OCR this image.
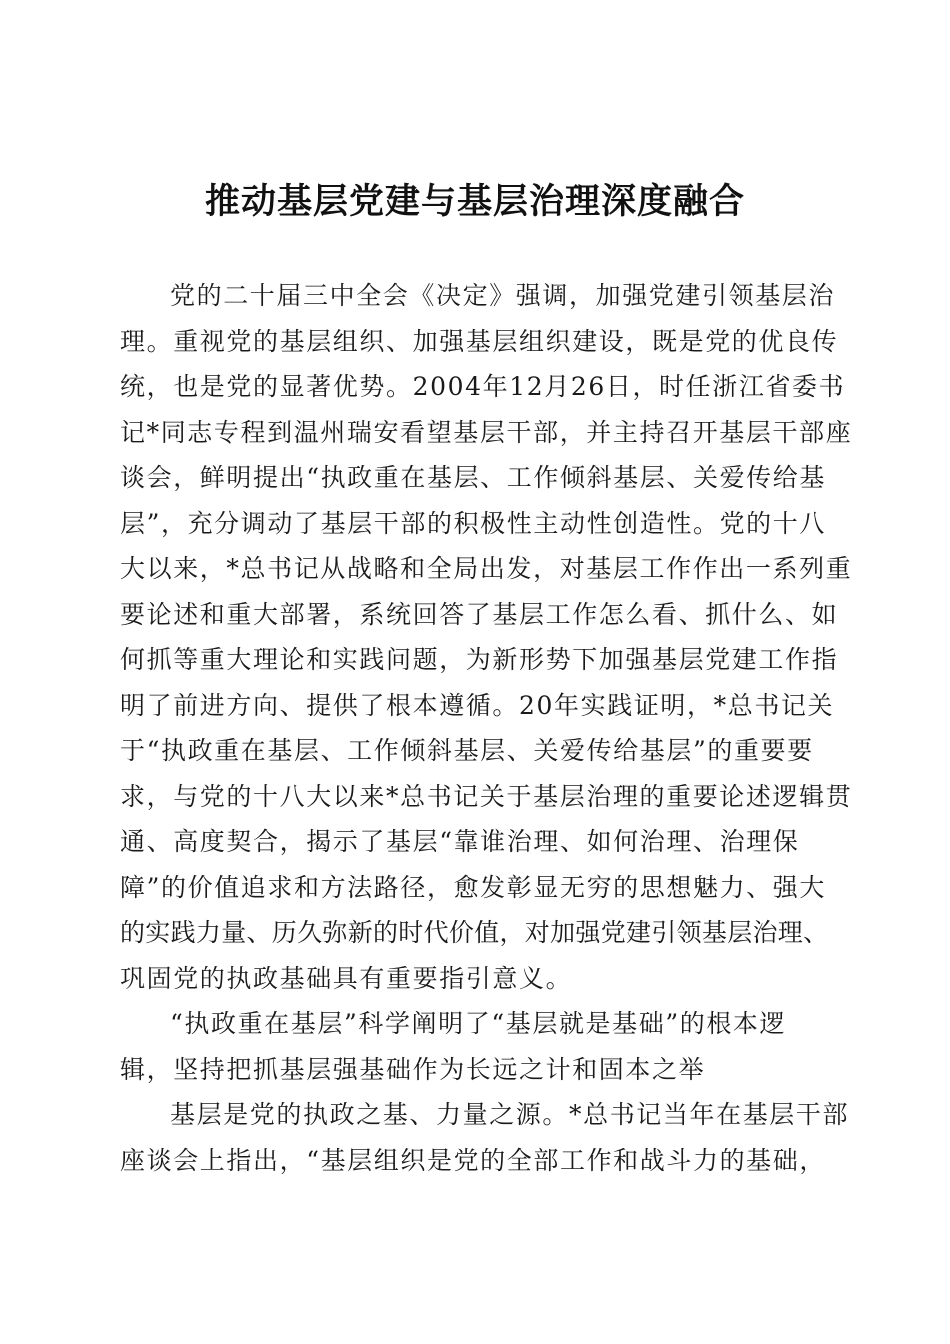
推动基层党建与基层治理深度融合

党的二十届三中全会《决定》强调，加强党建引领基层治
理。重视党的基层组织、加强基层组织建设，既是党的优良传
统，也是党的显著优势。2004年12月26日，时任浙江省委书
记*同志专程到温州瑞安看望基层干部，并主持召开基层干部座
谈会，鲜明提出“执政重在基层、工作倾斜基层、关爱传给基
层”，充分调动了基层干部的积极性主动性创造性。党的十八
大以来，*总书记从战略和全局出发，对基层工作作出一系列重
要论述和重大部署，系统回答了基层工作怎么看、抓什么、如
何抓等重大理论和实践问题，为新形势下加强基层党建工作指
明了前进方向、提供了根本遵循。20年实践证明，*总书记关
于“执政重在基层、工作倾斜基层、关爱传给基层”的重要要
求，与党的十八大以来*总书记关于基层治理的重要论述逻辑贯
通、高度契合，揭示了基层“靠谁治理、如何治理、治理保
障”的价值追求和方法路径，愈发彰显无穷的思想魅力、强大
的实践力量、历久弥新的时代价值，对加强党建引领基层治理、
巩固党的执政基础具有重要指引意义。

“执政重在基层”科学阐明了“基层就是基础”的根本逻
辑，坚持把抓基层强基础作为长远之计和固本之举

基层是党的执政之基、力量之源。*总书记当年在基层干部
座谈会上指出，“基层组织是党的全部工作和战斗力的基础，
